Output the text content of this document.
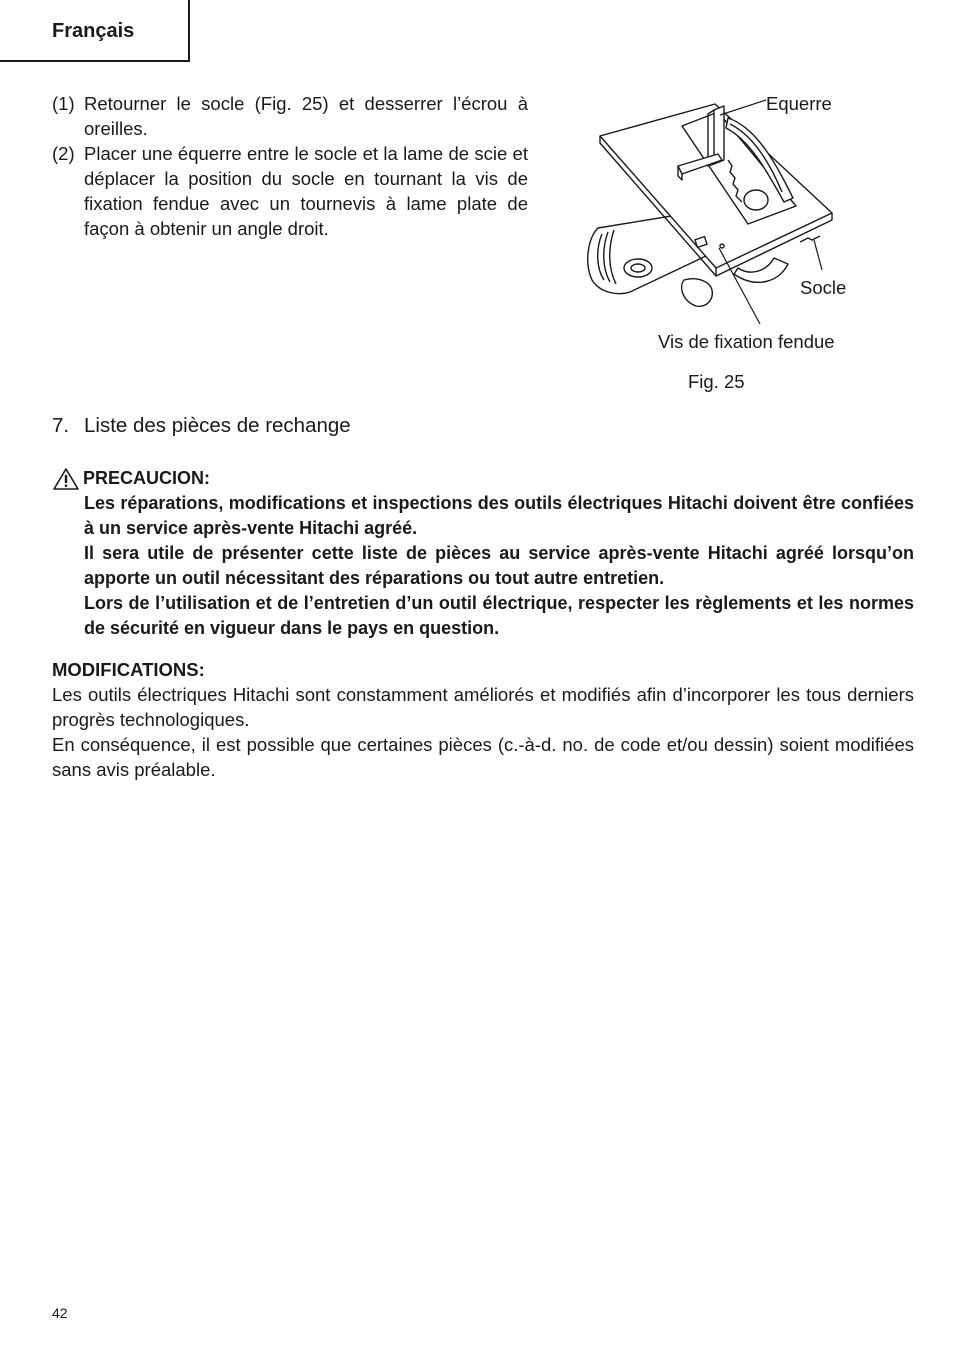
Français
(1) Retourner le socle (Fig. 25) et desserrer l’écrou à oreilles.
(2) Placer une équerre entre le socle et la lame de scie et déplacer la position du socle en tournant la vis de fixation fendue avec un tournevis à lame plate de façon à obtenir un angle droit.
Equerre
Socle
Vis de fixation fendue
Fig. 25
7. Liste des pièces de rechange
PRECAUCION:

Les réparations, modifications et inspections des outils électriques Hitachi doivent être confiées à un service après-vente Hitachi agréé.

Il sera utile de présenter cette liste de pièces au service après-vente Hitachi agréé lorsqu’on apporte un outil nécessitant des réparations ou tout autre entretien.

Lors de l’utilisation et de l’entretien d’un outil électrique, respecter les règlements et les normes de sécurité en vigueur dans le pays en question.

MODIFICATIONS:

Les outils électriques Hitachi sont constamment améliorés et modifiés afin d’incorporer les tous derniers progrès technologiques.

En conséquence, il est possible que certaines pièces (c.-à-d. no. de code et/ou dessin) soient modifiées sans avis préalable.

42
